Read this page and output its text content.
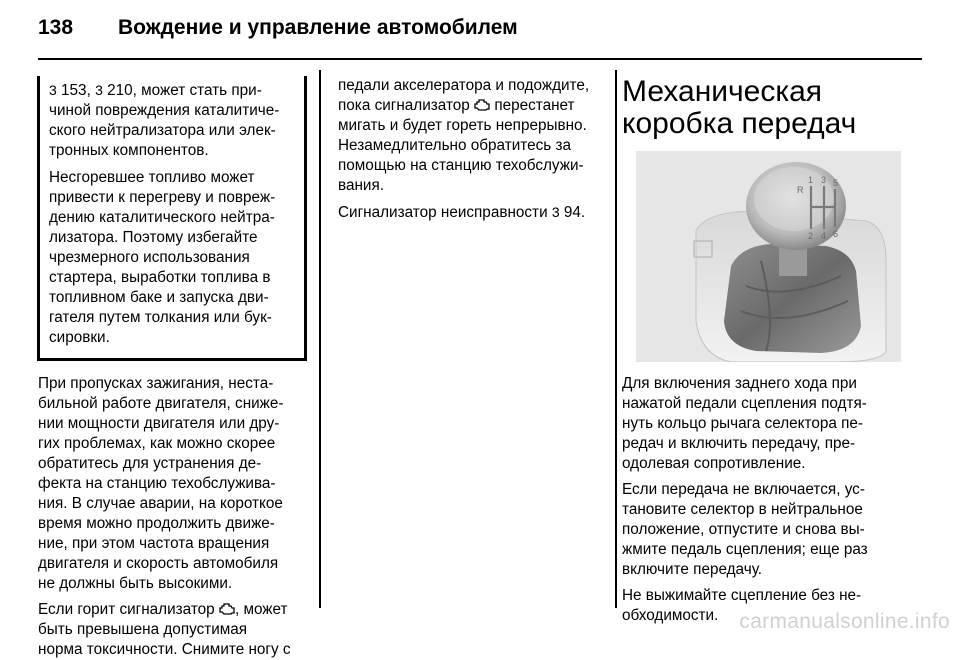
138 Вождение и управление автомобилем

3 153, 3 210, может стать при-
чиной повреждения каталитиче-
ского нейтрализатора или элек-
тронных компонентов.

Несгоревшее топливо может
привести к перегреву и повреж-
дению каталитического нейтра-
лизатора. Поэтому избегайте
чрезмерного использования
стартера, выработки топлива в
топливном баке и запуска дви-
гателя путем толкания или бук-
сировки.

При пропусках зажигания, неста-
бильной работе двигателя, сниже-
нии мощности двигателя или дру-
гих проблемах, как можно скорее
обратитесь для устранения де-
фекта на станцию техобслужива-
ния. В случае аварии, на короткое
время можно продолжить движе-
ние, при этом частота вращения
двигателя и скорость автомобиля
не должны быть высокими.

Если горит сигнализатор , может
быть превышена допустимая
норма токсичности. Снимите ногу с

педали акселератора и подождите,
пока сигнализатор перестанет
мигать и будет гореть непрерывно.
Незамедлительно обратитесь за
помощью на станцию техобслужи-
вания.

Сигнализатор неисправности 3 94.

Механическая
коробка передач
R
1 3 5
2 4 6

Для включения заднего хода при
нажатой педали сцепления подтя-
нуть кольцо рычага селектора пе-
редач и включить передачу, пре-
одолевая сопротивление.

Если передача не включается, ус-
тановите селектор в нейтральное
положение, отпустите и снова вы-
жмите педаль сцепления; еще раз
включите передачу.

Не выжимайте сцепление без не-
обходимости.	carmanualsonline.info
